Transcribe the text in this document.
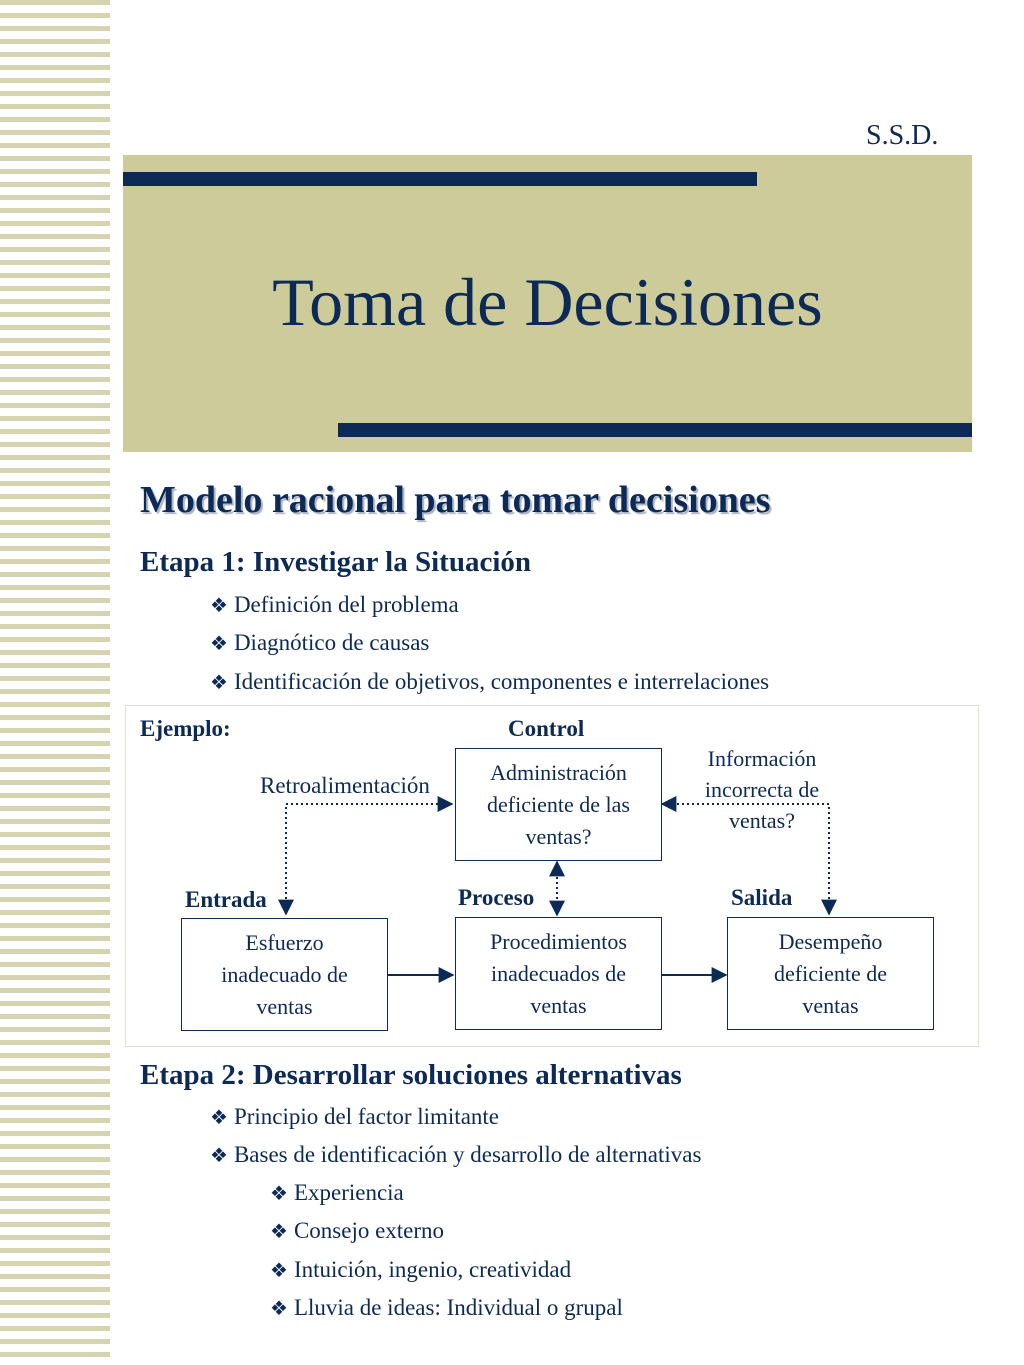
S.S.D.
Toma de Decisiones
Modelo racional para tomar decisiones
Etapa 1: Investigar la Situación
❖ Definición del problema
❖ Diagnótico de causas
❖ Identificación de objetivos, componentes e interrelaciones
Ejemplo:	Control
Retroalimentación
Administración
deficiente de las
ventas?
Información
incorrecta de
ventas?
Entrada	Proceso	Salida
Esfuerzo
inadecuado de
ventas
Procedimientos
inadecuados de
ventas
Desempeño
deficiente de
ventas
Etapa 2: Desarrollar soluciones alternativas
❖ Principio del factor limitante
❖ Bases de identificación y desarrollo de alternativas
❖ Experiencia
❖ Consejo externo
❖ Intuición, ingenio, creatividad
❖ Lluvia de ideas: Individual o grupal
